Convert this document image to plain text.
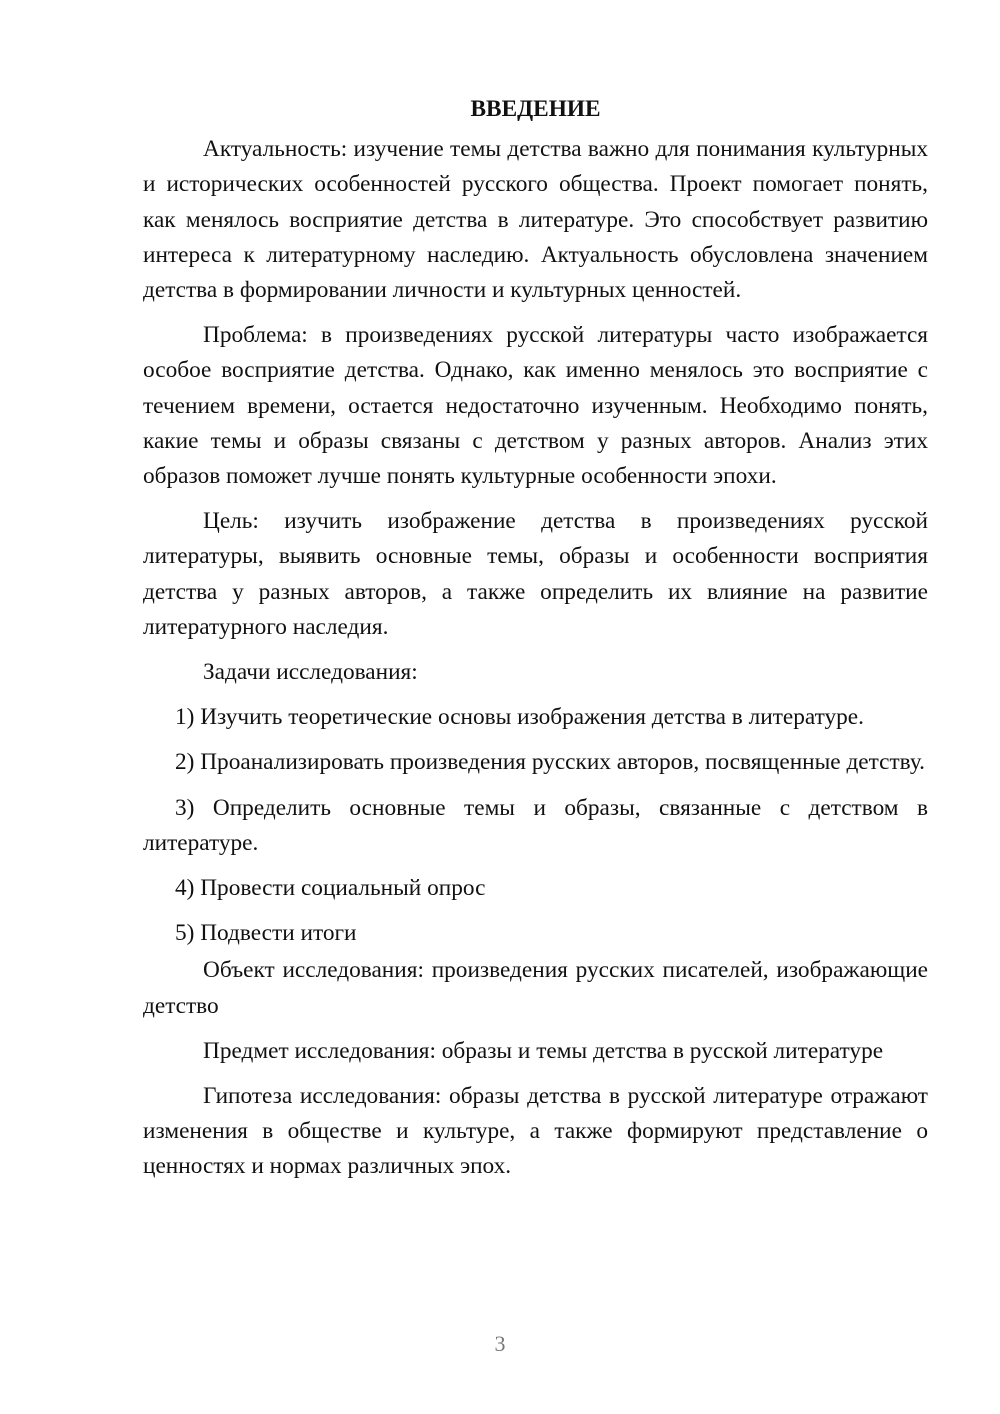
ВВЕДЕНИЕ

Актуальность: изучение темы детства важно для понимания культурных и исторических особенностей русского общества. Проект помогает понять, как менялось восприятие детства в литературе. Это способствует развитию интереса к литературному наследию. Актуальность обусловлена значением детства в формировании личности и культурных ценностей.

Проблема: в произведениях русской литературы часто изображается особое восприятие детства. Однако, как именно менялось это восприятие с течением времени, остается недостаточно изученным. Необходимо понять, какие темы и образы связаны с детством у разных авторов. Анализ этих образов поможет лучше понять культурные особенности эпохи.

Цель: изучить изображение детства в произведениях русской литературы, выявить основные темы, образы и особенности восприятия детства у разных авторов, а также определить их влияние на развитие литературного наследия.

Задачи исследования:

1) Изучить теоретические основы изображения детства в литературе.

2) Проанализировать произведения русских авторов, посвященные детству.

3) Определить основные темы и образы, связанные с детством в литературе.

4) Провести социальный опрос

5) Подвести итоги

Объект исследования: произведения русских писателей, изображающие детство

Предмет исследования: образы и темы детства в русской литературе

Гипотеза исследования: образы детства в русской литературе отражают изменения в обществе и культуре, а также формируют представление о ценностях и нормах различных эпох.

3
